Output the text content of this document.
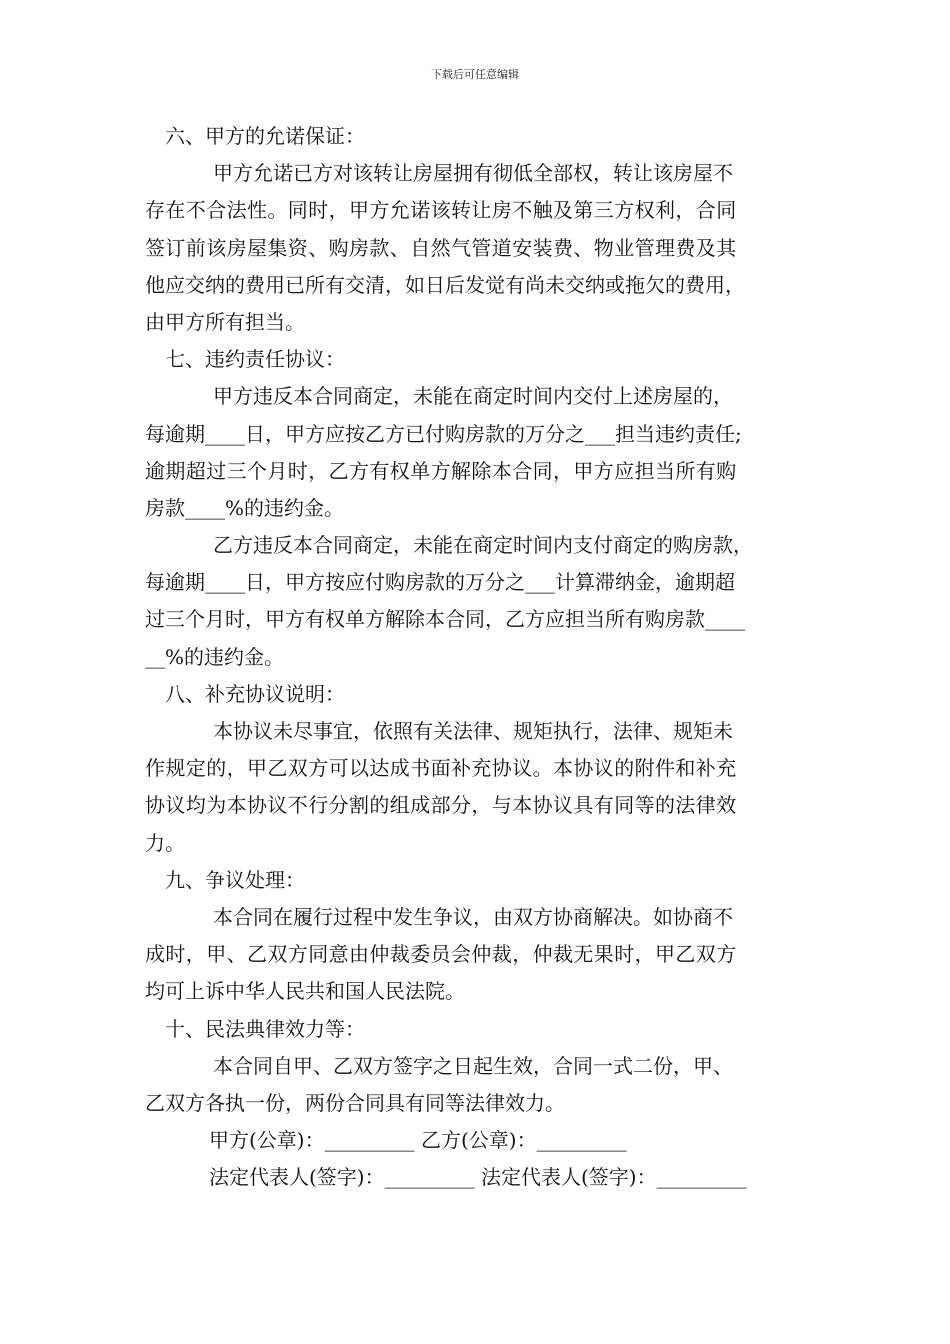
下载后可任意编辑
六、甲方的允诺保证：
甲方允诺已方对该转让房屋拥有彻低全部权，转让该房屋不
存在不合法性。同时，甲方允诺该转让房不触及第三方权利，合同
签订前该房屋集资、购房款、自然气管道安装费、物业管理费及其
他应交纳的费用已所有交清，如日后发觉有尚未交纳或拖欠的费用，
由甲方所有担当。
七、违约责任协议：
甲方违反本合同商定，未能在商定时间内交付上述房屋的，
每逾期____日，甲方应按乙方已付购房款的万分之___担当违约责任;
逾期超过三个月时，乙方有权单方解除本合同，甲方应担当所有购
房款____%的违约金。
乙方违反本合同商定，未能在商定时间内支付商定的购房款，
每逾期____日，甲方按应付购房款的万分之___计算滞纳金，逾期超
过三个月时，甲方有权单方解除本合同，乙方应担当所有购房款____
__%的违约金。
八、补充协议说明：
本协议未尽事宜，依照有关法律、规矩执行，法律、规矩未
作规定的，甲乙双方可以达成书面补充协议。本协议的附件和补充
协议均为本协议不行分割的组成部分，与本协议具有同等的法律效
力。
九、争议处理：
本合同在履行过程中发生争议，由双方协商解决。如协商不
成时，甲、乙双方同意由仲裁委员会仲裁，仲裁无果时，甲乙双方
均可上诉中华人民共和国人民法院。
十、民法典律效力等：
本合同自甲、乙双方签字之日起生效，合同一式二份，甲、
乙双方各执一份，两份合同具有同等法律效力。
甲方(公章)：_________ 乙方(公章)：_________
法定代表人(签字)：_________ 法定代表人(签字)：_________
